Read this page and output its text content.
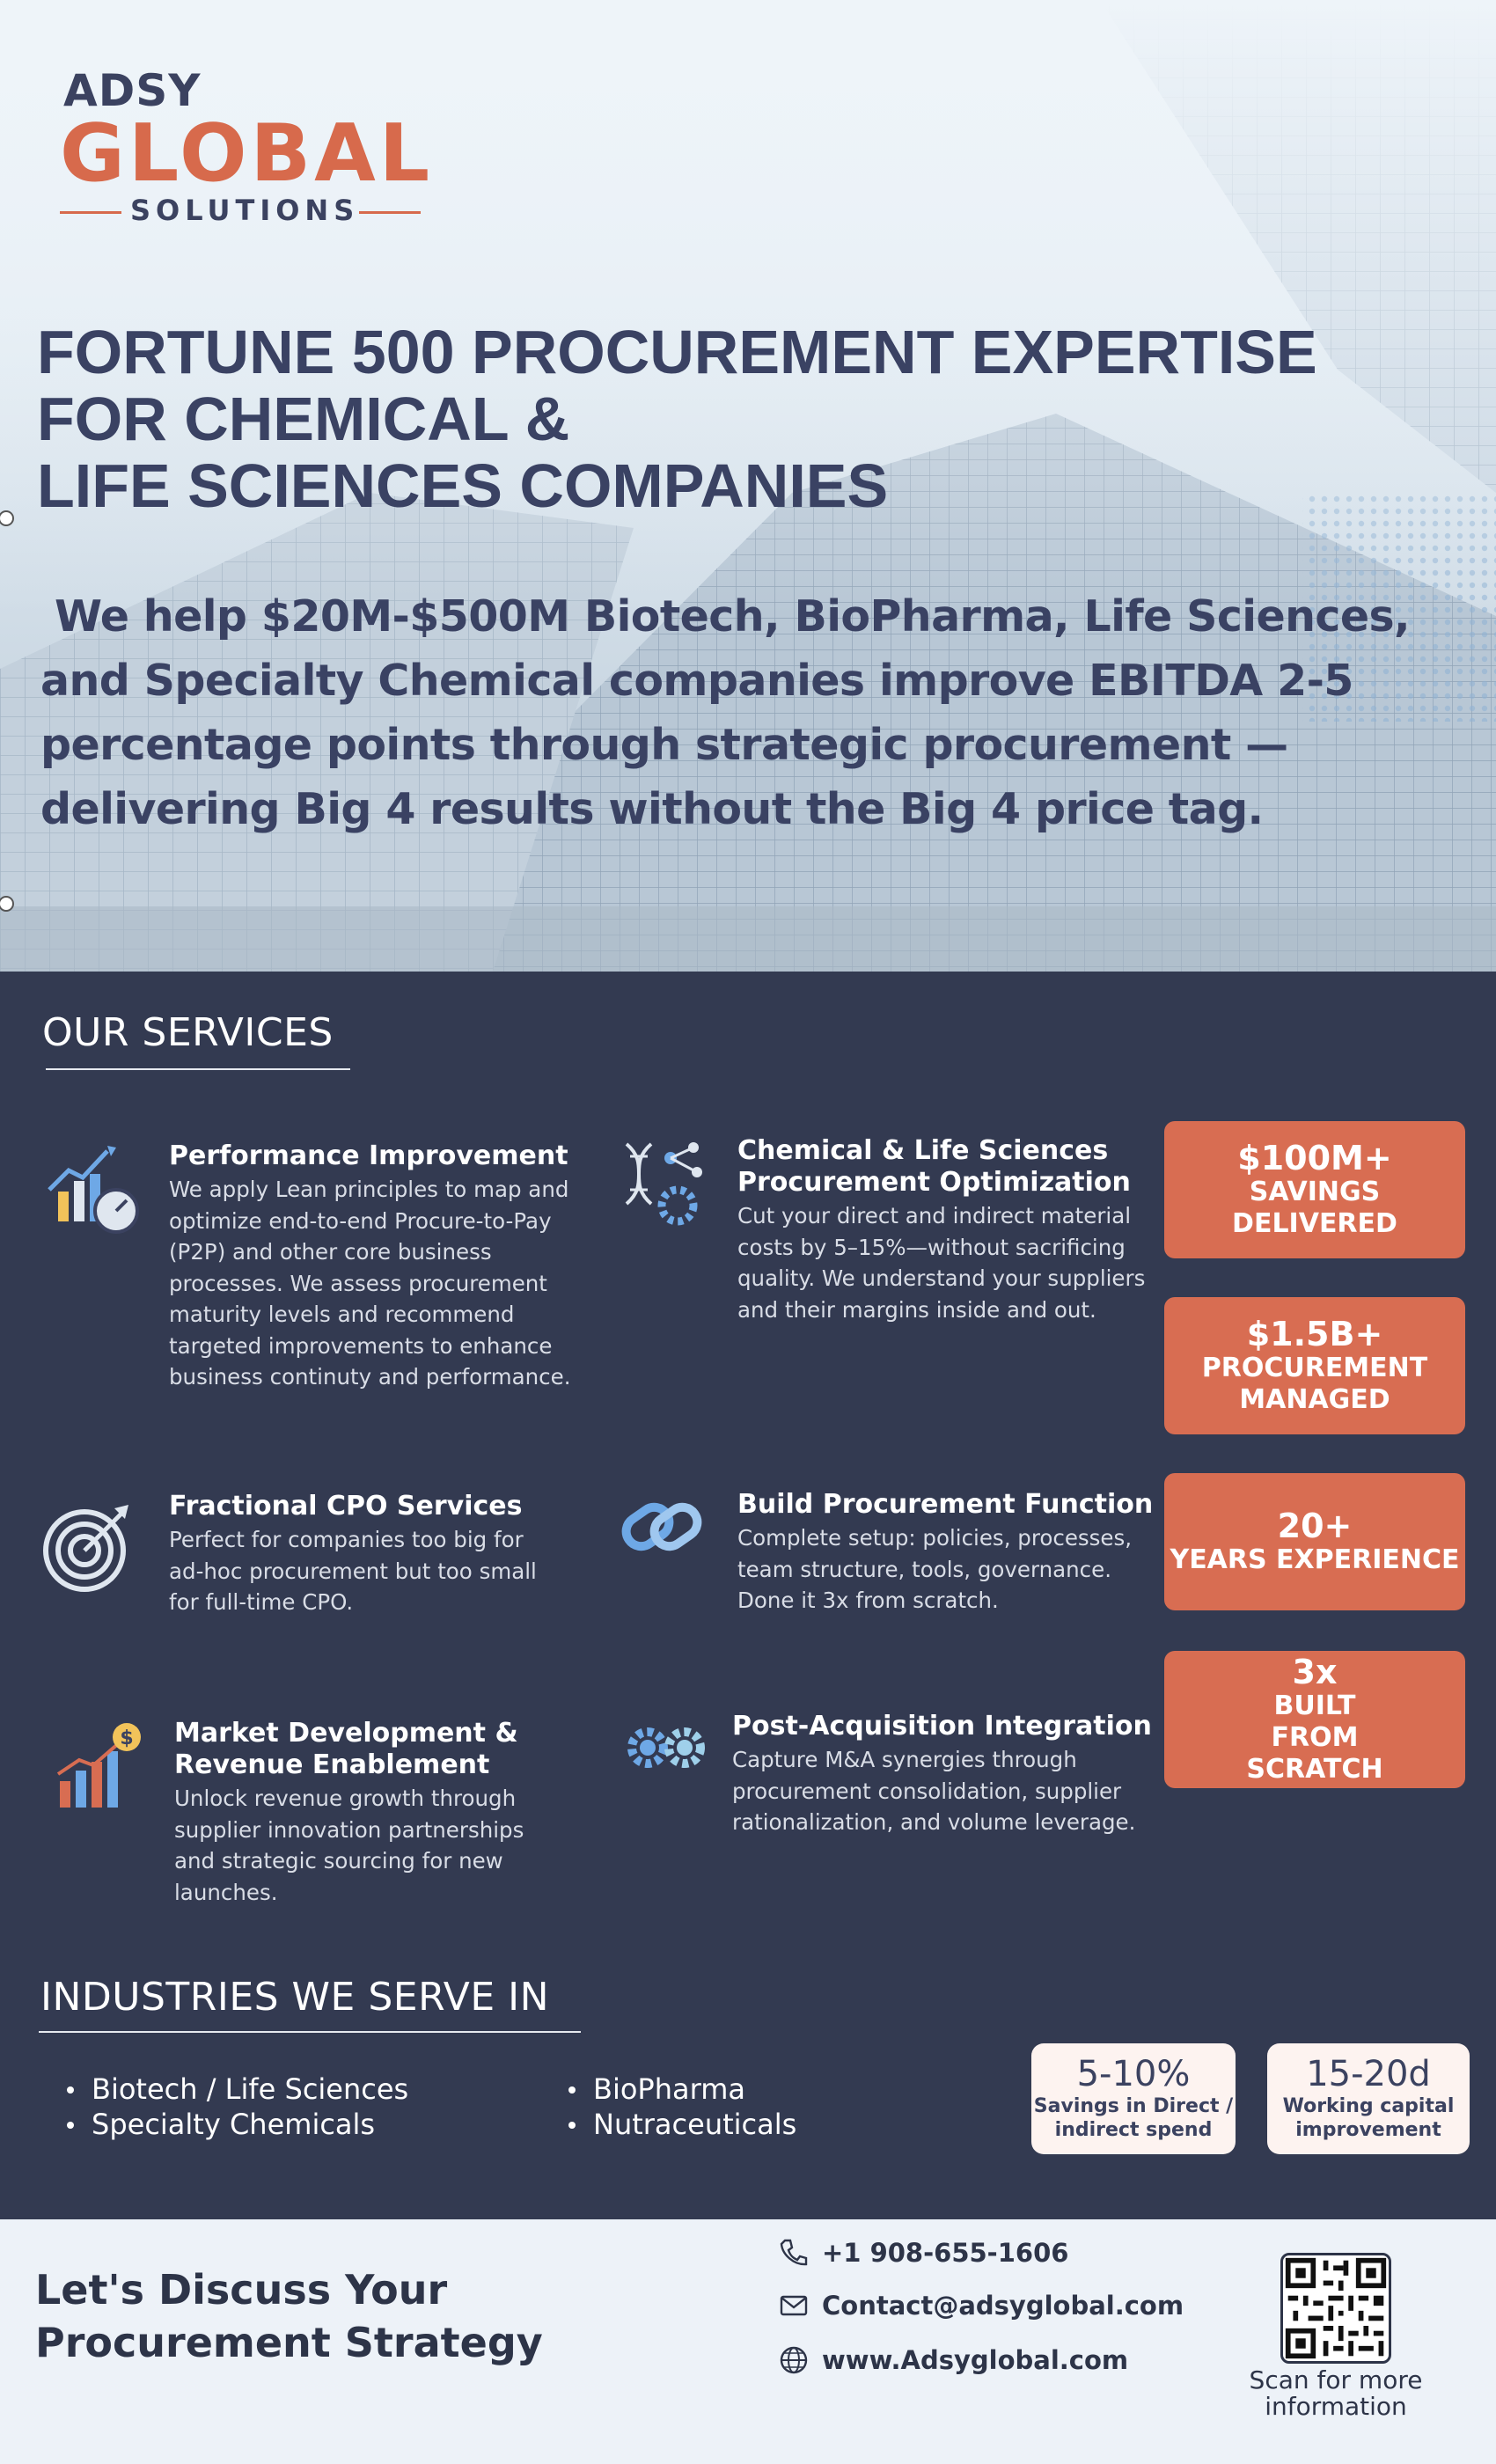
ADSY
GLOBAL
SOLUTIONS
FORTUNE 500 PROCUREMENT EXPERTISE
FOR CHEMICAL &
LIFE SCIENCES COMPANIES
We help $20M-$500M Biotech, BioPharma, Life Sciences,
and Specialty Chemical companies improve EBITDA 2-5
percentage points through strategic procurement —
delivering Big 4 results without the Big 4 price tag.
OUR SERVICES
Performance Improvement
We apply Lean principles to map and optimize end-to-end Procure-to-Pay (P2P) and other core business processes. We assess procurement maturity levels and recommend targeted improvements to enhance business continuty and performance.
Chemical & Life Sciences Procurement Optimization
Cut your direct and indirect material costs by 5–15%—without sacrificing quality. We understand your suppliers and their margins inside and out.
Fractional CPO Services
Perfect for companies too big for ad-hoc procurement but too small for full-time CPO.
Build Procurement Function
Complete setup: policies, processes, team structure, tools, governance. Done it 3x from scratch.
$ Market Development & Revenue Enablement
Unlock revenue growth through supplier innovation partnerships and strategic sourcing for new launches.
Post-Acquisition Integration
Capture M&A synergies through procurement consolidation, supplier rationalization, and volume leverage.
$100M+
SAVINGS DELIVERED
$1.5B+
PROCUREMENT MANAGED
20+
YEARS EXPERIENCE
3x
BUILT FROM SCRATCH
INDUSTRIES WE SERVE IN
Biotech / Life Sciences
Specialty Chemicals
BioPharma
Nutraceuticals
5-10%
Savings in Direct / indirect spend
15-20d
Working capital improvement
Let's Discuss Your
Procurement Strategy
+1 908-655-1606
Contact@adsyglobal.com
www.Adsyglobal.com
Scan for more information
